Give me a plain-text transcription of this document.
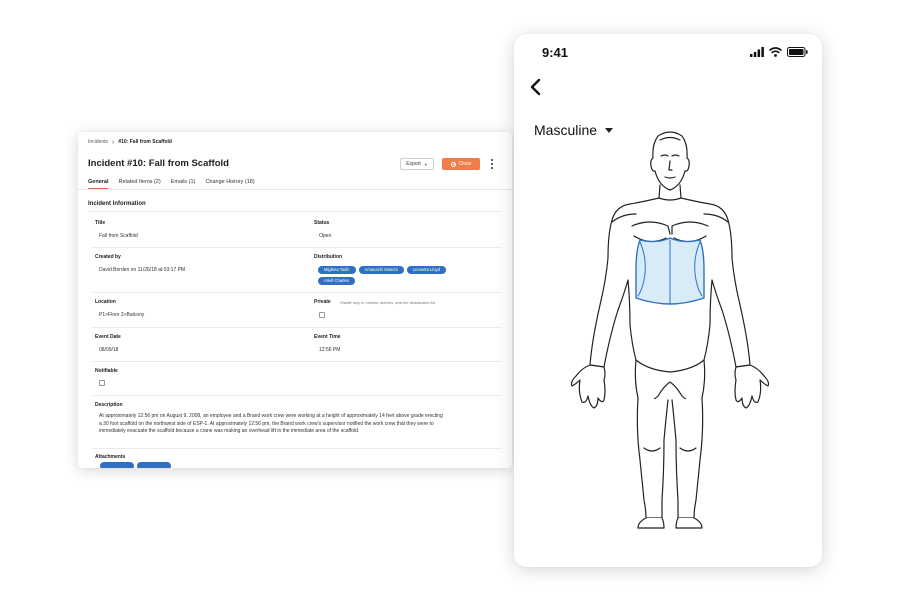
Incidents › #10: Fall from Scaffold
Incident #10: Fall from Scaffold	Export ▼	Close
General Related Items (2) Emails (1) Change History (18)
Incident Information
Title
Fall from Scaffold
Status
Open
Created by
David Borden on 11/26/18 at 03:17 PM
Distribution
Miglena Todic	Amanachi Moschi	Leonetta Lloyd
Ariell Charles
Location
P1>Floor 2>Balcony
Private Visible only to creator, admins, and the distribution list
Event Date
08/09/18
Event Time
12:56 PM
Notifiable
Description
At approximately 12:56 pm on August 9, 2008, an employee and a Brand work crew were working at a height of approximately 14 feet above grade erecting a 30 foot scaffold on the northwest side of ESP-1. At approximately 12:56 pm, the Brand work crew's supervisor notified the work crew that they were to immediately evacuate the scaffold because a crane was making an overhead lift in the immediate area of the scaffold.
Attachments
9:41
Masculine
